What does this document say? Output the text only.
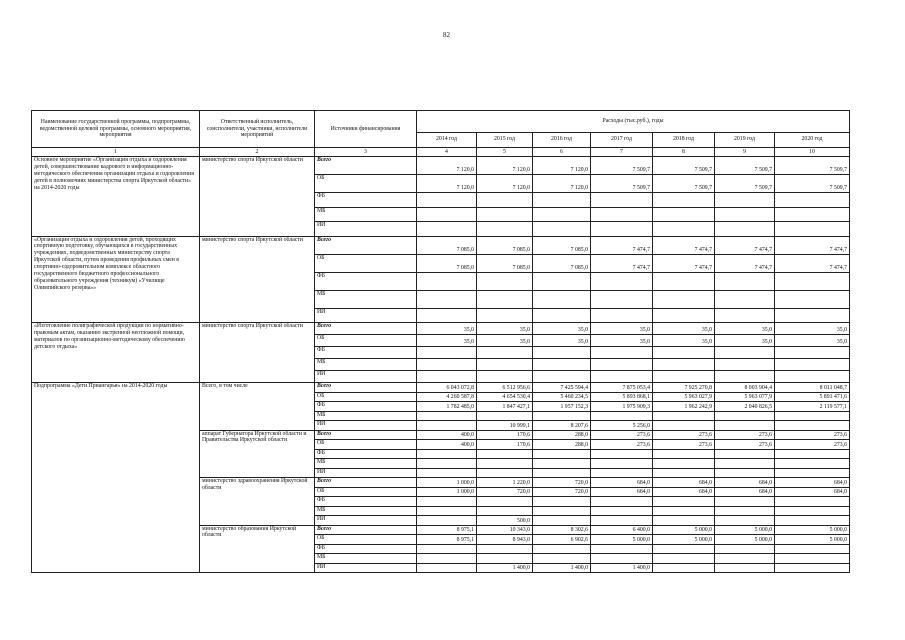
82
Наименование государственной программы, подпрограммы, ведомственной целевой программы, основного мероприятия, мероприятия	Ответственный исполнитель, соисполнители, участники, исполнители мероприятий	Источники финансирования	Расходы (тыс.руб.), годы						
			2014 год	2015 год	2016 год	2017 год	2018 год	2019 год	2020 год
1	2	3	4	5	6	7	8	9	10
Основное мероприятие «Организация отдыха и оздоровления детей, совершенствование кадрового и информационно-методического обеспечения организации отдыха и оздоровления детей в полномочиях министерства спорта Иркутской области» на 2014-2020 годы	министерство спорта Иркутской области	Всего	7 120,0	7 120,0	7 120,0	7 509,7	7 509,7	7 509,7	7 509,7
		ОБ	7 120,0	7 120,0	7 120,0	7 509,7	7 509,7	7 509,7	7 509,7
		ФБ							
		МБ							
		ИИ							
«Организация отдыха и оздоровления детей, проходящих спортивную подготовку, обучающихся в государственных учреждениях, подведомственных министерству спорта Иркутской области, путем проведения профильных смен в спортивно-оздоровительном комплексе областного государственного бюджетного профессионального образовательного учреждения (техникум) «Училище Олимпийского резерва»»	министерство спорта Иркутской области	Всего	7 085,0	7 085,0	7 085,0	7 474,7	7 474,7	7 474,7	7 474,7
		ОБ	7 085,0	7 085,0	7 085,0	7 474,7	7 474,7	7 474,7	7 474,7
		ФБ							
		МБ							
		ИИ							
«Изготовление полиграфической продукции по нормативно-правовым актам, оказанию экстренной неотложной помощи, материалов по организационно-методическому обеспечению детского отдыха»	министерство спорта Иркутской области	Всего	35,0	35,0	35,0	35,0	35,0	35,0	35,0
		ОБ	35,0	35,0	35,0	35,0	35,0	35,0	35,0
		ФБ							
		МБ							
		ИИ							
Подпрограмма «Дети Приангарья» на 2014-2020 годы	Всего, в том числе	Всего	6 043 072,8	6 512 956,6	7 425 594,4	7 875 053,4	7 925 270,8	8 003 904,4	8 011 048,7
		ОБ	4 260 587,8	4 654 530,4	5 460 234,5	5 893 868,1	5 963 027,9	5 963 077,9	5 891 471,6
		ФБ	1 782 485,0	1 847 427,1	1 957 152,3	1 975 909,3	1 962 242,9	2 040 826,5	2 119 577,1
		МБ							
		ИИ		10 999,1	8 207,6	5 256,0			
	аппарат Губернатора Иркутской области и Правительства Иркутской области	Всего	400,0	170,6	288,0	273,6	273,6	273,6	273,6
		ОБ	400,0	170,6	288,0	273,6	273,6	273,6	273,6
		ФБ							
		МБ							
		ИИ							
	министерство здравоохранения Иркутской области	Всего	1 000,0	1 220,0	720,0	684,0	684,0	684,0	684,0
		ОБ	1 000,0	720,0	720,0	684,0	684,0	684,0	684,0
		ФБ							
		МБ							
		ИИ		500,0					
	министерство образования Иркутской области	Всего	8 975,1	10 343,0	8 302,6	6 400,0	5 000,0	5 000,0	5 000,0
		ОБ	8 975,1	8 943,0	6 902,6	5 000,0	5 000,0	5 000,0	5 000,0
		ФБ							
		МБ							
		ИИ		1 400,0	1 400,0	1 400,0			
